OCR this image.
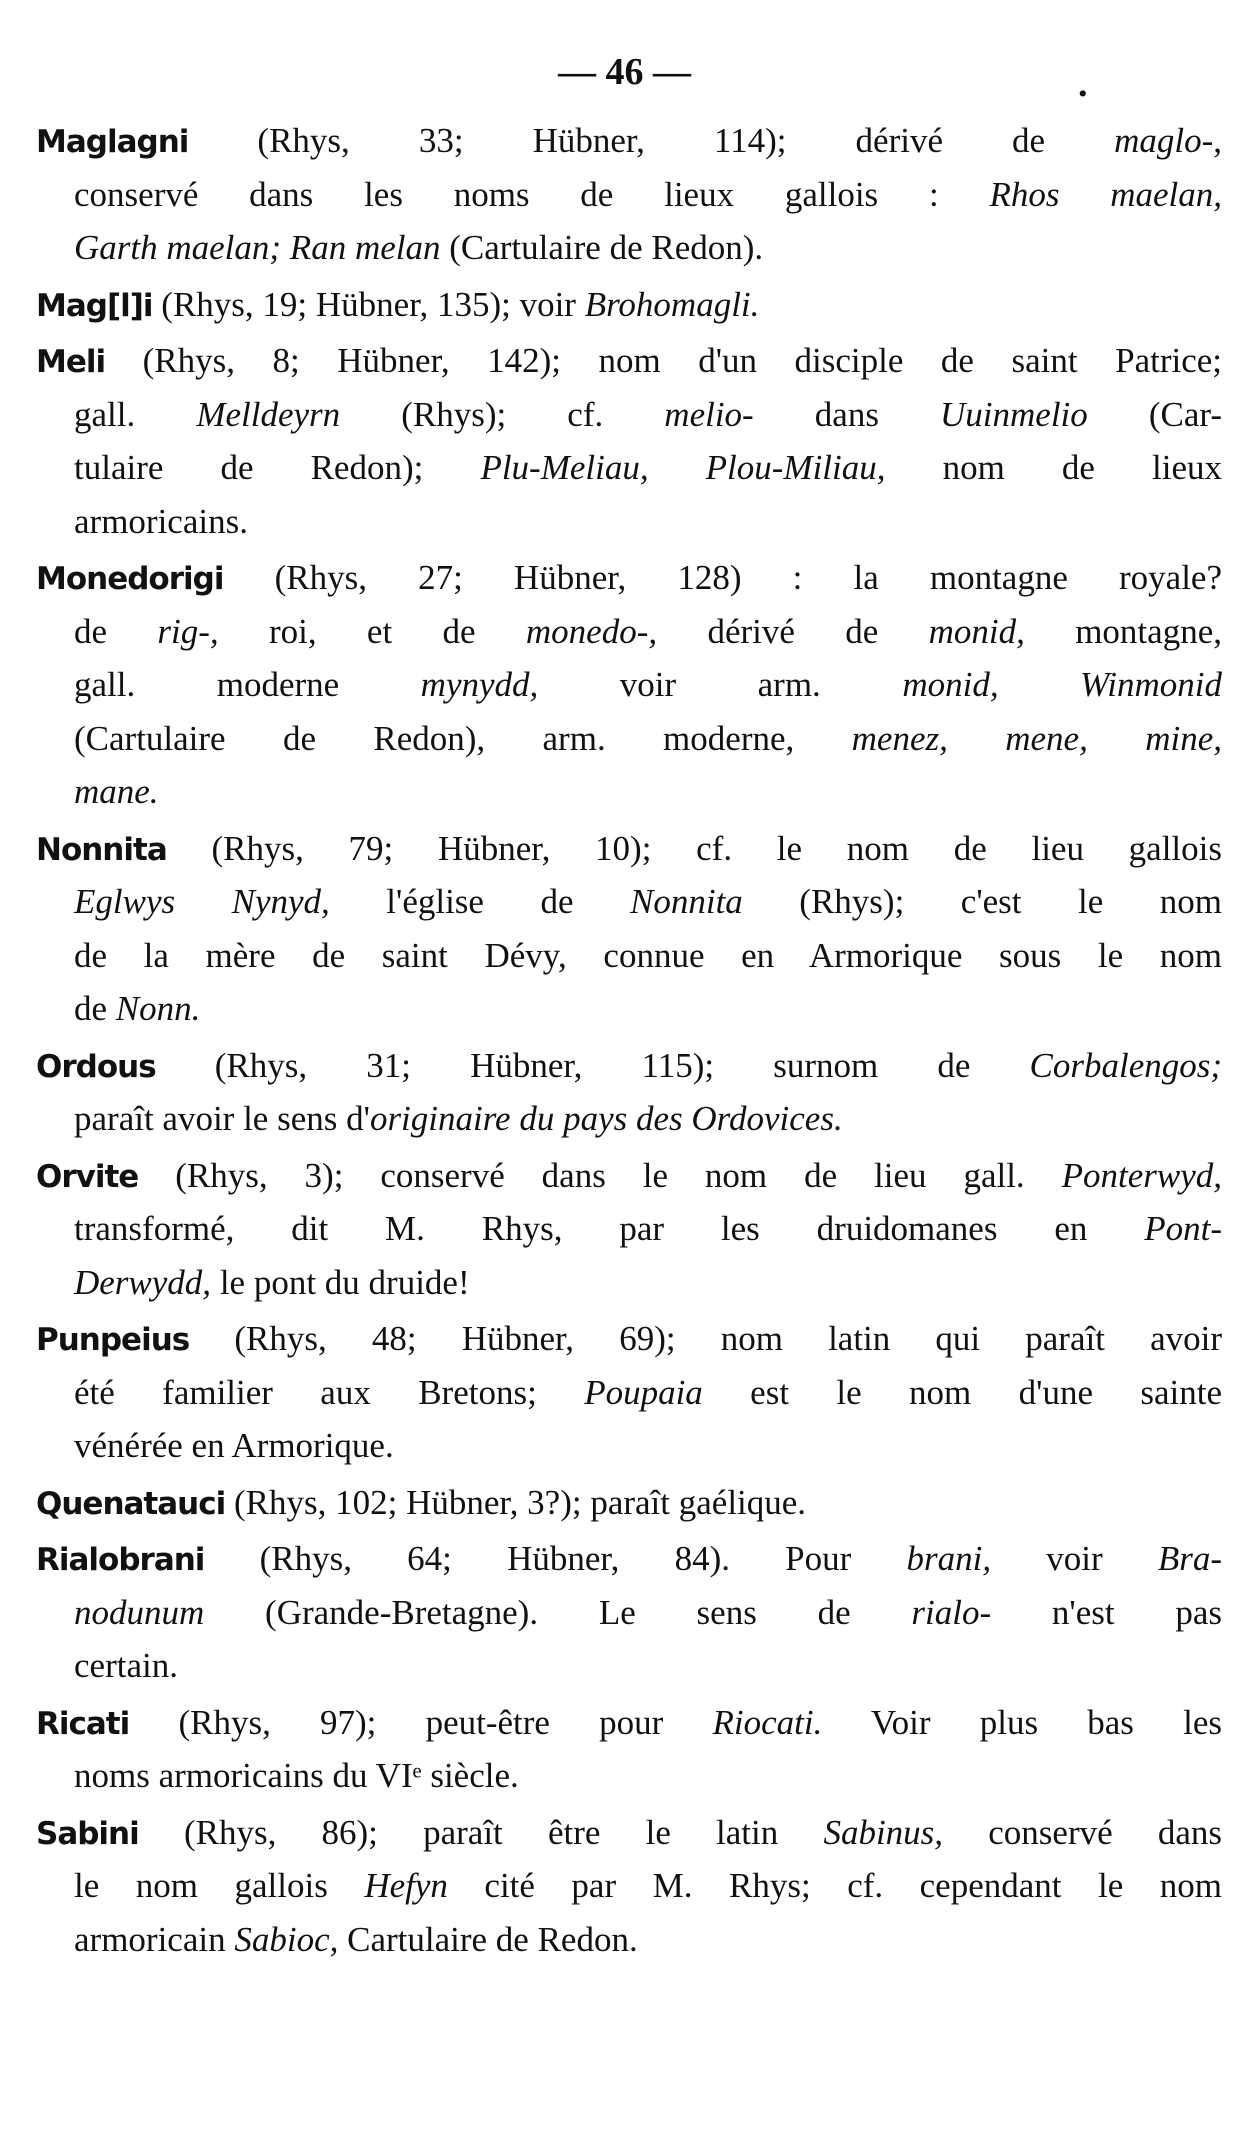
— 46 —	.
Maglagni (Rhys, 33; Hübner, 114); dérivé de maglo-,
conservé dans les noms de lieux gallois : Rhos maelan,
Garth maelan; Ran melan (Cartulaire de Redon).
Mag[l]i (Rhys, 19; Hübner, 135); voir Brohomagli.
Meli (Rhys, 8; Hübner, 142); nom d'un disciple de saint Patrice;
gall. Melldeyrn (Rhys); cf. melio- dans Uuinmelio (Car-
tulaire de Redon); Plu-Meliau, Plou-Miliau, nom de lieux
armoricains.
Monedorigi (Rhys, 27; Hübner, 128) : la montagne royale?
de rig-, roi, et de monedo-, dérivé de monid, montagne,
gall. moderne mynydd, voir arm. monid, Winmonid
(Cartulaire de Redon), arm. moderne, menez, mene, mine,
mane.
Nonnita (Rhys, 79; Hübner, 10); cf. le nom de lieu gallois
Eglwys Nynyd, l'église de Nonnita (Rhys); c'est le nom
de la mère de saint Dévy, connue en Armorique sous le nom
de Nonn.
Ordous (Rhys, 31; Hübner, 115); surnom de Corbalengos;
paraît avoir le sens d'originaire du pays des Ordovices.
Orvite (Rhys, 3); conservé dans le nom de lieu gall. Ponterwyd,
transformé, dit M. Rhys, par les druidomanes en Pont-
Derwydd, le pont du druide!
Punpeius (Rhys, 48; Hübner, 69); nom latin qui paraît avoir
été familier aux Bretons; Poupaia est le nom d'une sainte
vénérée en Armorique.
Quenatauci (Rhys, 102; Hübner, 3?); paraît gaélique.
Rialobrani (Rhys, 64; Hübner, 84). Pour brani, voir Bra-
nodunum (Grande-Bretagne). Le sens de rialo- n'est pas
certain.
Ricati (Rhys, 97); peut-être pour Riocati. Voir plus bas les
noms armoricains du VIᵉ siècle.
Sabini (Rhys, 86); paraît être le latin Sabinus, conservé dans
le nom gallois Hefyn cité par M. Rhys; cf. cependant le nom
armoricain Sabioc, Cartulaire de Redon.
